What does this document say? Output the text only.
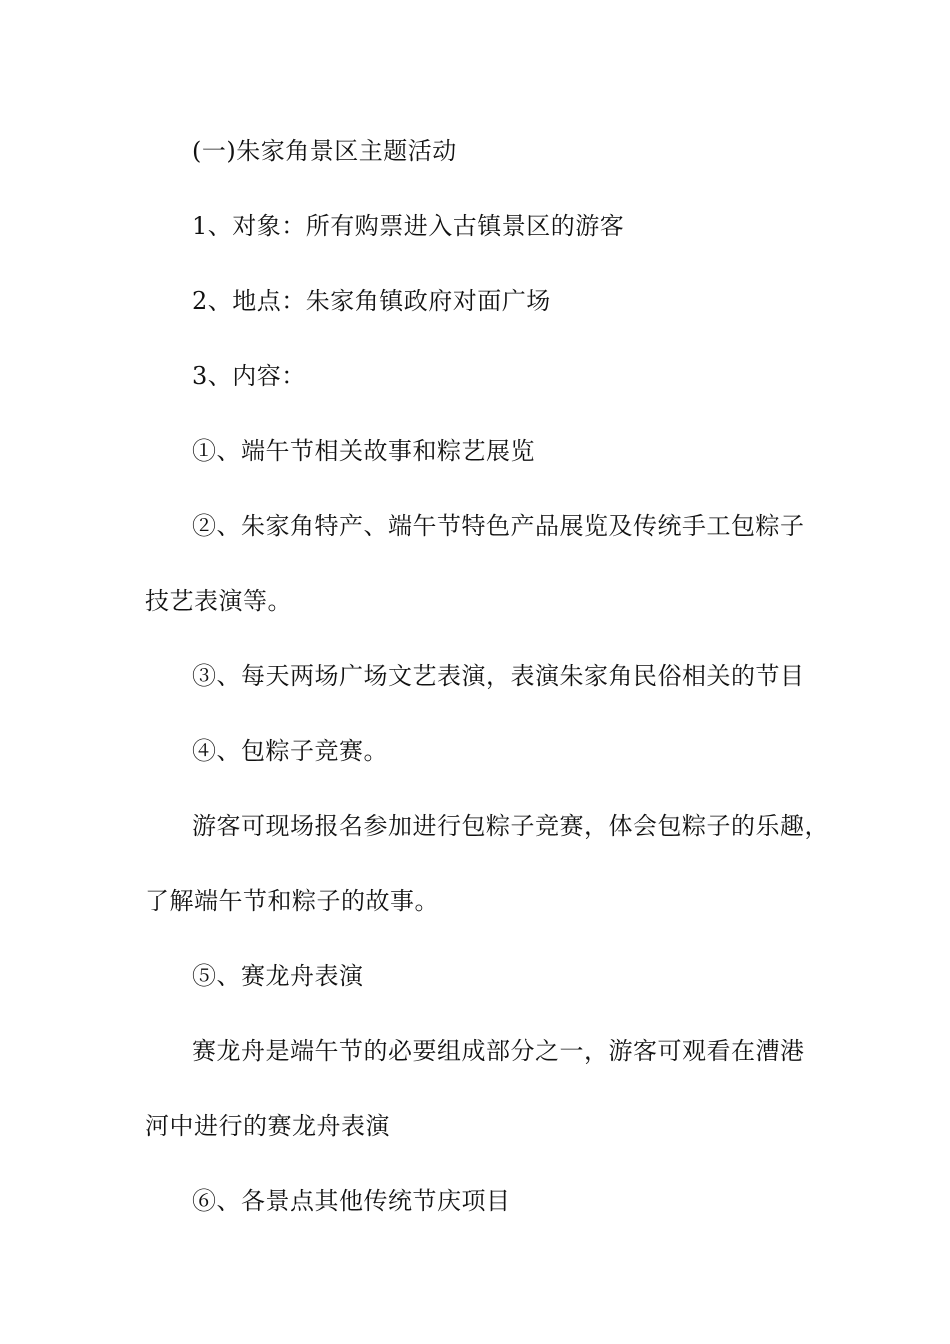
(一)朱家角景区主题活动
1、对象：所有购票进入古镇景区的游客
2、地点：朱家角镇政府对面广场
3、内容：
①、端午节相关故事和粽艺展览
②、朱家角特产、端午节特色产品展览及传统手工包粽子
技艺表演等。
③、每天两场广场文艺表演，表演朱家角民俗相关的节目
④、包粽子竞赛。
游客可现场报名参加进行包粽子竞赛，体会包粽子的乐趣，
了解端午节和粽子的故事。
⑤、赛龙舟表演
赛龙舟是端午节的必要组成部分之一，游客可观看在漕港
河中进行的赛龙舟表演
⑥、各景点其他传统节庆项目
